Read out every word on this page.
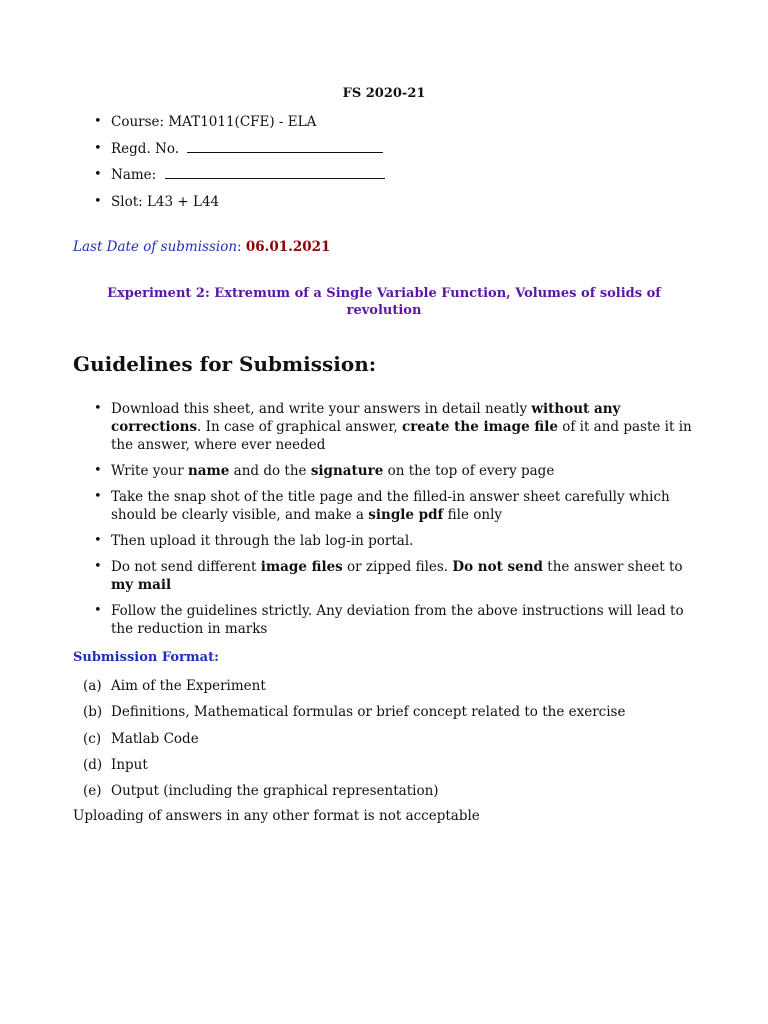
FS 2020-21
• Course: MAT1011(CFE) - ELA
• Regd. No.
• Name:
• Slot: L43 + L44
Last Date of submission: 06.01.2021
Experiment 2: Extremum of a Single Variable Function, Volumes of solids of revolution
Guidelines for Submission:
• Download this sheet, and write your answers in detail neatly without any corrections. In case of graphical answer, create the image file of it and paste it in the answer, where ever needed
• Write your name and do the signature on the top of every page
• Take the snap shot of the title page and the filled-in answer sheet carefully which should be clearly visible, and make a single pdf file only
• Then upload it through the lab log-in portal.
• Do not send different image files or zipped files. Do not send the answer sheet to my mail
• Follow the guidelines strictly. Any deviation from the above instructions will lead to the reduction in marks
Submission Format:
(a) Aim of the Experiment
(b) Definitions, Mathematical formulas or brief concept related to the exercise
(c) Matlab Code
(d) Input
(e) Output (including the graphical representation)
Uploading of answers in any other format is not acceptable
